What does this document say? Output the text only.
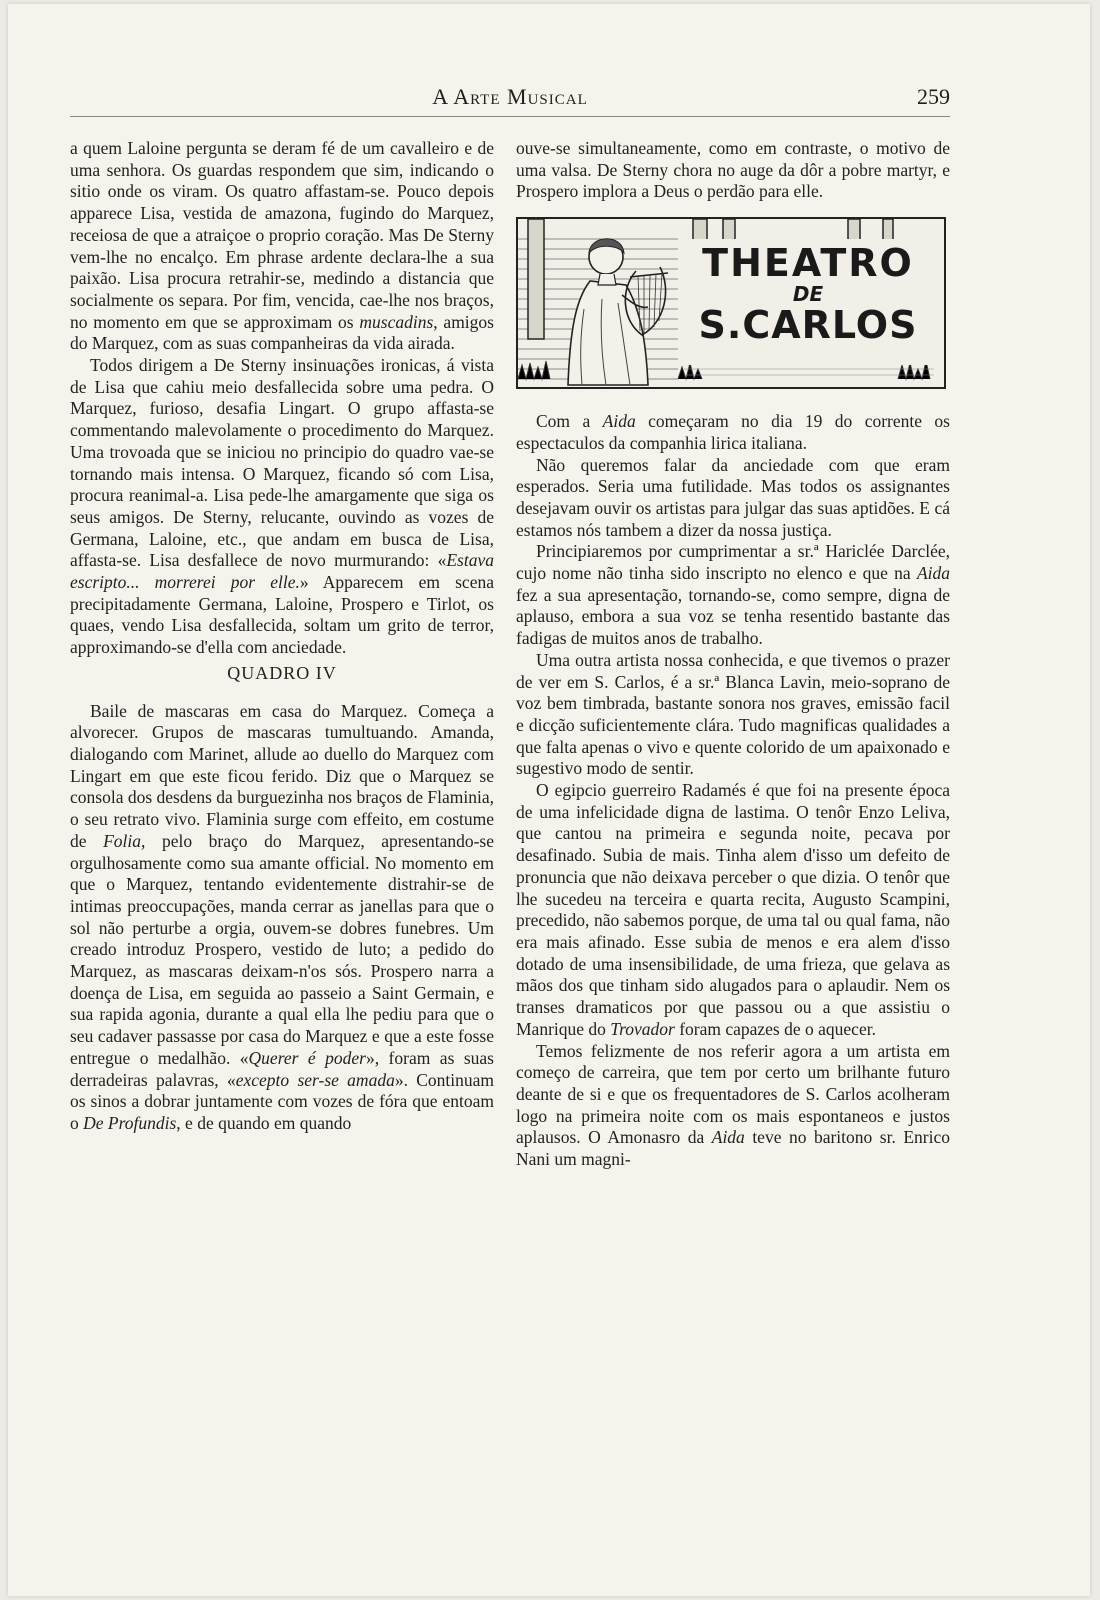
A Arte Musical	259

a quem Laloine pergunta se deram fé de um cavalleiro e de uma senhora. Os guardas respondem que sim, indicando o sitio onde os viram. Os quatro affastam-se. Pouco depois apparece Lisa, vestida de amazona, fugindo do Marquez, receiosa de que a atraiçoe o proprio coração. Mas De Sterny vem-lhe no encalço. Em phrase ardente declara-lhe a sua paixão. Lisa procura retrahir-se, medindo a distancia que socialmente os separa. Por fim, vencida, cae-lhe nos braços, no momento em que se approximam os muscadins, amigos do Marquez, com as suas companheiras da vida airada.

Todos dirigem a De Sterny insinuações ironicas, á vista de Lisa que cahiu meio desfallecida sobre uma pedra. O Marquez, furioso, desafia Lingart. O grupo affasta-se commentando malevolamente o procedimento do Marquez. Uma trovoada que se iniciou no principio do quadro vae-se tornando mais intensa. O Marquez, ficando só com Lisa, procura reanimal-a. Lisa pede-lhe amargamente que siga os seus amigos. De Sterny, relucante, ouvindo as vozes de Germana, Laloine, etc., que andam em busca de Lisa, affasta-se. Lisa desfallece de novo murmurando: «Estava escripto... morrerei por elle.» Apparecem em scena precipitadamente Germana, Laloine, Prospero e Tirlot, os quaes, vendo Lisa desfallecida, soltam um grito de terror, approximando-se d'ella com anciedade.

QUADRO IV

Baile de mascaras em casa do Marquez. Começa a alvorecer. Grupos de mascaras tumultuando. Amanda, dialogando com Marinet, allude ao duello do Marquez com Lingart em que este ficou ferido. Diz que o Marquez se consola dos desdens da burguezinha nos braços de Flaminia, o seu retrato vivo. Flaminia surge com effeito, em costume de Folia, pelo braço do Marquez, apresentando-se orgulhosamente como sua amante official. No momento em que o Marquez, tentando evidentemente distrahir-se de intimas preoccupações, manda cerrar as janellas para que o sol não perturbe a orgia, ouvem-se dobres funebres. Um creado introduz Prospero, vestido de luto; a pedido do Marquez, as mascaras deixam-n'os sós. Prospero narra a doença de Lisa, em seguida ao passeio a Saint Germain, e sua rapida agonia, durante a qual ella lhe pediu para que o seu cadaver passasse por casa do Marquez e que a este fosse entregue o medalhão. «Querer é poder», foram as suas derradeiras palavras, «excepto ser-se amada». Continuam os sinos a dobrar juntamente com vozes de fóra que entoam o De Profundis, e de quando em quando

ouve-se simultaneamente, como em contraste, o motivo de uma valsa. De Sterny chora no auge da dôr a pobre martyr, e Prospero implora a Deus o perdão para elle.

THEATRO
DE
S.CARLOS

Com a Aida começaram no dia 19 do corrente os espectaculos da companhia lirica italiana.

Não queremos falar da anciedade com que eram esperados. Seria uma futilidade. Mas todos os assignantes desejavam ouvir os artistas para julgar das suas aptidões. E cá estamos nós tambem a dizer da nossa justiça.

Principiaremos por cumprimentar a sr.ª Hariclée Darclée, cujo nome não tinha sido inscripto no elenco e que na Aida fez a sua apresentação, tornando-se, como sempre, digna de aplauso, embora a sua voz se tenha resentido bastante das fadigas de muitos anos de trabalho.

Uma outra artista nossa conhecida, e que tivemos o prazer de ver em S. Carlos, é a sr.ª Blanca Lavin, meio-soprano de voz bem timbrada, bastante sonora nos graves, emissão facil e dicção suficientemente clára. Tudo magnificas qualidades a que falta apenas o vivo e quente colorido de um apaixonado e sugestivo modo de sentir.

O egipcio guerreiro Radamés é que foi na presente época de uma infelicidade digna de lastima. O tenôr Enzo Leliva, que cantou na primeira e segunda noite, pecava por desafinado. Subia de mais. Tinha alem d'isso um defeito de pronuncia que não deixava perceber o que dizia. O tenôr que lhe sucedeu na terceira e quarta recita, Augusto Scampini, precedido, não sabemos porque, de uma tal ou qual fama, não era mais afinado. Esse subia de menos e era alem d'isso dotado de uma insensibilidade, de uma frieza, que gelava as mãos dos que tinham sido alugados para o aplaudir. Nem os transes dramaticos por que passou ou a que assistiu o Manrique do Trovador foram capazes de o aquecer.

Temos felizmente de nos referir agora a um artista em começo de carreira, que tem por certo um brilhante futuro deante de si e que os frequentadores de S. Carlos acolheram logo na primeira noite com os mais espontaneos e justos aplausos. O Amonasro da Aida teve no baritono sr. Enrico Nani um magni-
